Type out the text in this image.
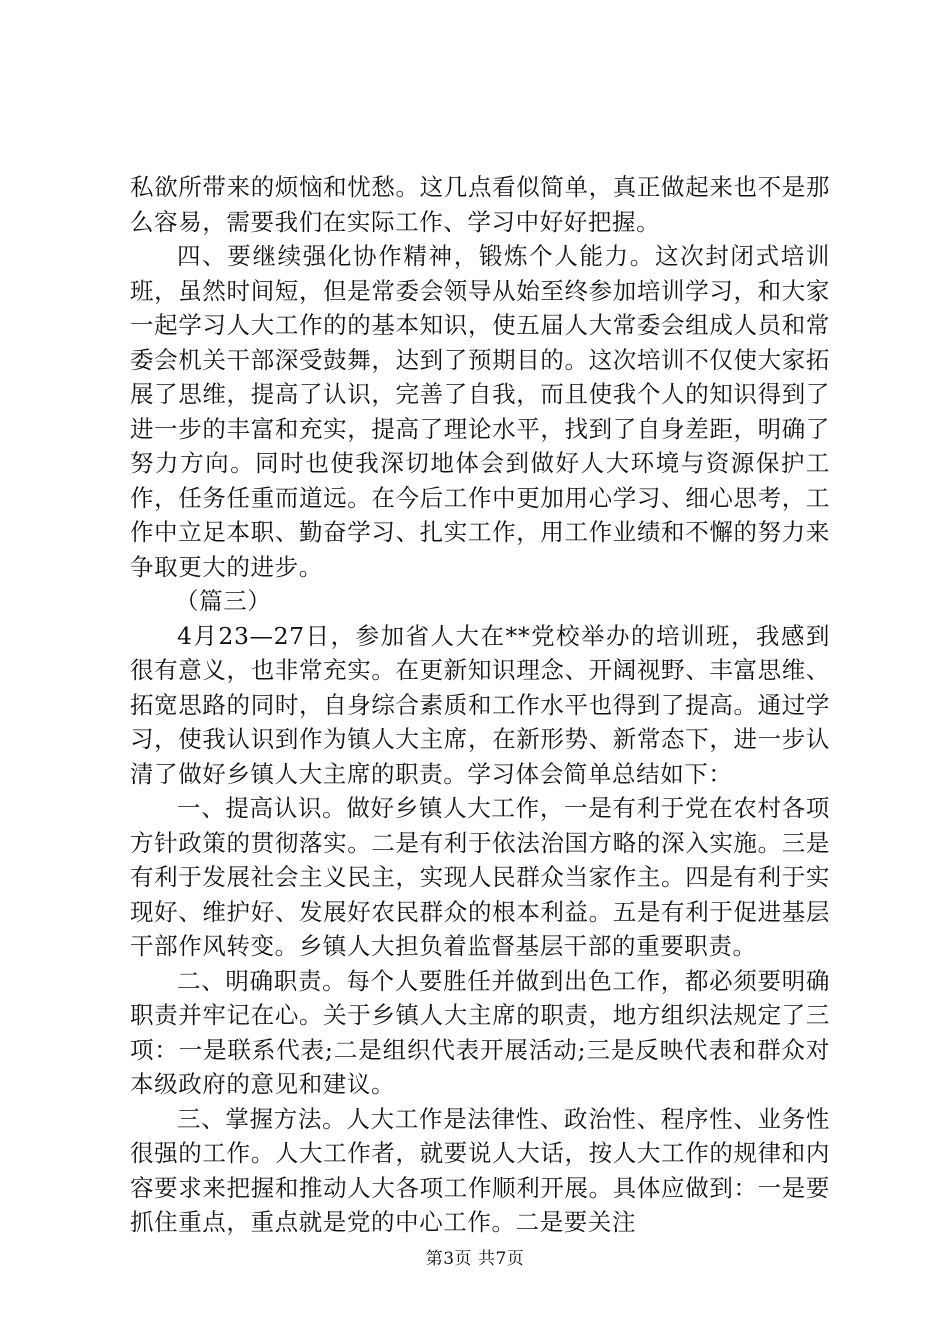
私欲所带来的烦恼和忧愁。这几点看似简单，真正做起来也不是那么容易，需要我们在实际工作、学习中好好把握。

四、要继续强化协作精神，锻炼个人能力。这次封闭式培训班，虽然时间短，但是常委会领导从始至终参加培训学习，和大家一起学习人大工作的的基本知识，使五届人大常委会组成人员和常委会机关干部深受鼓舞，达到了预期目的。这次培训不仅使大家拓展了思维，提高了认识，完善了自我，而且使我个人的知识得到了进一步的丰富和充实，提高了理论水平，找到了自身差距，明确了努力方向。同时也使我深切地体会到做好人大环境与资源保护工作，任务任重而道远。在今后工作中更加用心学习、细心思考，工作中立足本职、勤奋学习、扎实工作，用工作业绩和不懈的努力来争取更大的进步。

（篇三）

4月23—27日，参加省人大在**党校举办的培训班，我感到很有意义，也非常充实。在更新知识理念、开阔视野、丰富思维、拓宽思路的同时，自身综合素质和工作水平也得到了提高。通过学习，使我认识到作为镇人大主席，在新形势、新常态下，进一步认清了做好乡镇人大主席的职责。学习体会简单总结如下：

一、提高认识。做好乡镇人大工作，一是有利于党在农村各项方针政策的贯彻落实。二是有利于依法治国方略的深入实施。三是有利于发展社会主义民主，实现人民群众当家作主。四是有利于实现好、维护好、发展好农民群众的根本利益。五是有利于促进基层干部作风转变。乡镇人大担负着监督基层干部的重要职责。

二、明确职责。每个人要胜任并做到出色工作，都必须要明确职责并牢记在心。关于乡镇人大主席的职责，地方组织法规定了三项：一是联系代表;二是组织代表开展活动;三是反映代表和群众对本级政府的意见和建议。

三、掌握方法。人大工作是法律性、政治性、程序性、业务性很强的工作。人大工作者，就要说人大话，按人大工作的规律和内容要求来把握和推动人大各项工作顺利开展。具体应做到：一是要抓住重点，重点就是党的中心工作。二是要关注

第3页 共7页
